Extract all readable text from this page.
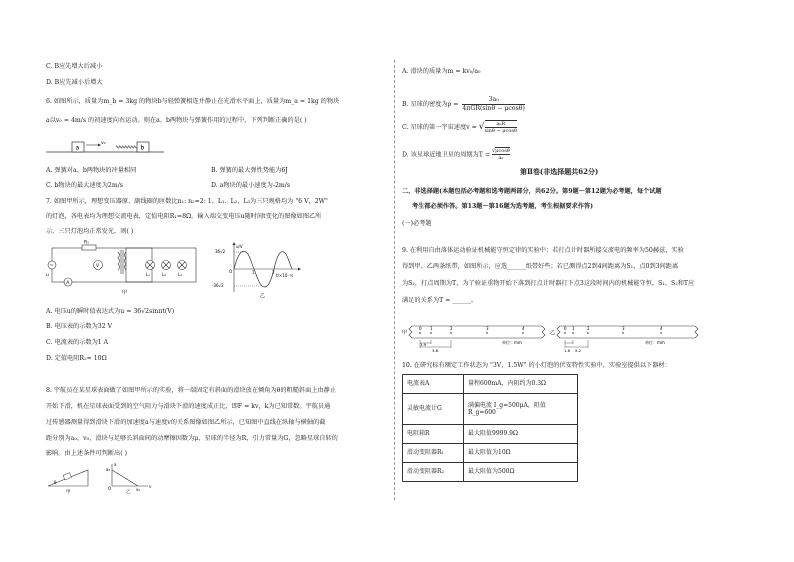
C. B应先增大后减小
D. B应先减小后增大
6. 如图所示，质量为m_b = 3kg 的物块b与轻弹簧相连并静止在光滑水平面上，质量为m_a = 1kg 的物块
a以v₀ = 4m/s 的初速度向右运动。则在a、b两物块与弹簧作用的过程中，下列判断正确的是( )
a
v₀
b
A. 弹簧对a、b两物块的冲量相同	B. 弹簧的最大弹性势能为6J
C. b物块的最大速度为2m/s	D. a物块的最小速度为-2m/s
7. 如图甲所示，理想变压器原、副线圈的匝数比n₁: n₂=2: 1，L₁、L₂、L₃为三只规格均为 "6 V，2W"
的灯泡，各电表均为理想交流电表，定值电阻R₁=8Ω。输入端交变电压u随时间t变化的图像如图乙所
示，三只灯泡均正常发光，则( )
~
R₁
V
A
u	L₁	L₂	L₃
甲
36√2
-36√2
O	1	2
t/×10⁻²s
u/V
乙
A. 电压u的瞬时值表达式为u = 36√2sinπt(V)
B. 电压表的示数为32 V
C. 电流表的示数为1 A
D. 定值电阻R₂= 10Ω
8. 宇航员在某星球表面做了如图甲所示的实验，将一端固定有斜面的滑块放在倾角为θ的粗糙斜面上由静止
开始下滑，机在星球表面受到的空气阻力与滑块下滑的速度成正比，即F = kv，k为已知常数。宇航员通
过传感器测量得到滑块下滑的加速度a与速度v的关系图像如图乙所示，已知图中直线在纵轴与横轴的截
距分别为a₀、v₀，滑块与足够长斜面间的动摩擦因数为μ，星球的半径为R，引力常量为G，忽略星球自转的
影响。由上述条件可判断出( )
θ
甲
a₀
v₀
O
a
v
乙
A. 滑块的质量为m = kv₀/a₀
B. 星球的密度为ρ =
3a₀
4πGR(sinθ − μcosθ)
C. 星球的第一宇宙速度v = √ $\frac{\text{a₀R}}{\sin\theta - \mu\cos\theta}$
D. 该星球近地卫星的周期为$T = \frac{√\mu\cos\theta}{\text{a₀}}$
第Ⅱ卷(非选择题共62分)
二、非选择题(本题包括必考题和选考题两部分，共62分。第9题～第12题为必考题，每个试题
考生都必须作答。第13题～第16题为选考题，考生根据要求作答)
(一)必考题
9. 在利用自由落体运动验证机械能守恒定律的实验中：若打点计时器所接交流电的频率为50赫兹，实验
得到甲、乙两条纸带，如图所示，应选______纸带好些；若已测得点2到4间距离为S₁，点0到3间距离
为S₂，打点周期为T，为了验证重物开始下落到打点计时器打下点3这段时间内的机械能守恒，S₁、S₂和T应
满足的关系为T = ______。
甲
0 1	2	3	4
1.9
3.8
单位：mm
乙
0 1	2	3	4
1.6 5.2
单位：mm
10. 在研究标有额定工作状态为 "3V，1.5W" 的小灯泡的伏安特性实验中，实验室提供以下器材：
电流表A	量程600mA，内阻约为0.3Ω
灵敏电流计G	满偏电流 I_g=500μA，阻值
R_g=600
电阻箱R	最大阻值9999.9Ω
滑动变阻器R₁	最大阻值为10Ω
滑动变阻器R₂	最大阻值为500Ω
